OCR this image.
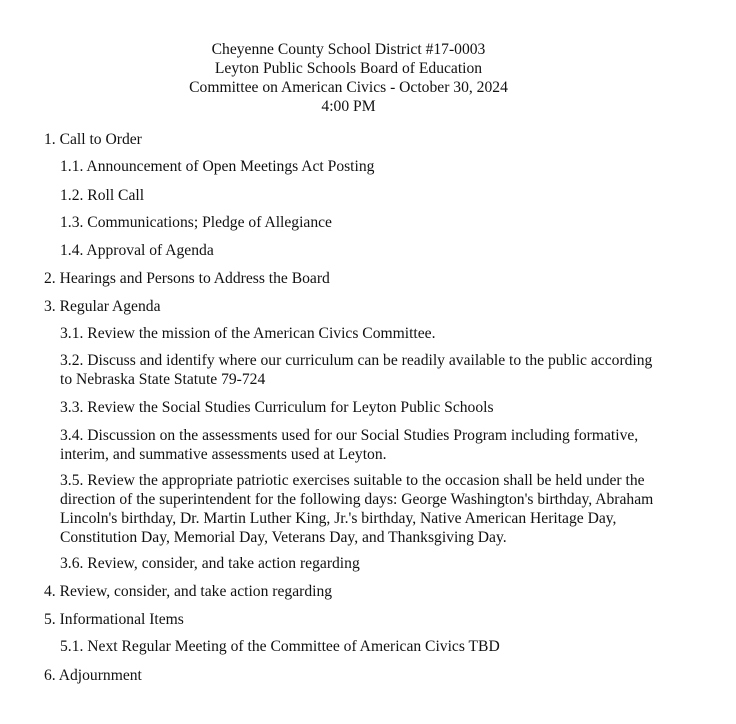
Cheyenne County School District #17-0003
Leyton Public Schools Board of Education
Committee on American Civics - October 30, 2024
4:00 PM
1. Call to Order
1.1. Announcement of Open Meetings Act Posting
1.2. Roll Call
1.3. Communications; Pledge of Allegiance
1.4. Approval of Agenda
2. Hearings and Persons to Address the Board
3. Regular Agenda
3.1. Review the mission of the American Civics Committee.
3.2. Discuss and identify where our curriculum can be readily available to the public according to Nebraska State Statute 79-724
3.3. Review the Social Studies Curriculum for Leyton Public Schools
3.4. Discussion on the assessments used for our Social Studies Program including formative, interim, and summative assessments used at Leyton.
3.5. Review the appropriate patriotic exercises suitable to the occasion shall be held under the direction of the superintendent for the following days: George Washington's birthday, Abraham Lincoln's birthday, Dr. Martin Luther King, Jr.'s birthday, Native American Heritage Day, Constitution Day, Memorial Day, Veterans Day, and Thanksgiving Day.
3.6. Review, consider, and take action regarding
4. Review, consider, and take action regarding
5. Informational Items
5.1. Next Regular Meeting of the Committee of American Civics TBD
6. Adjournment
